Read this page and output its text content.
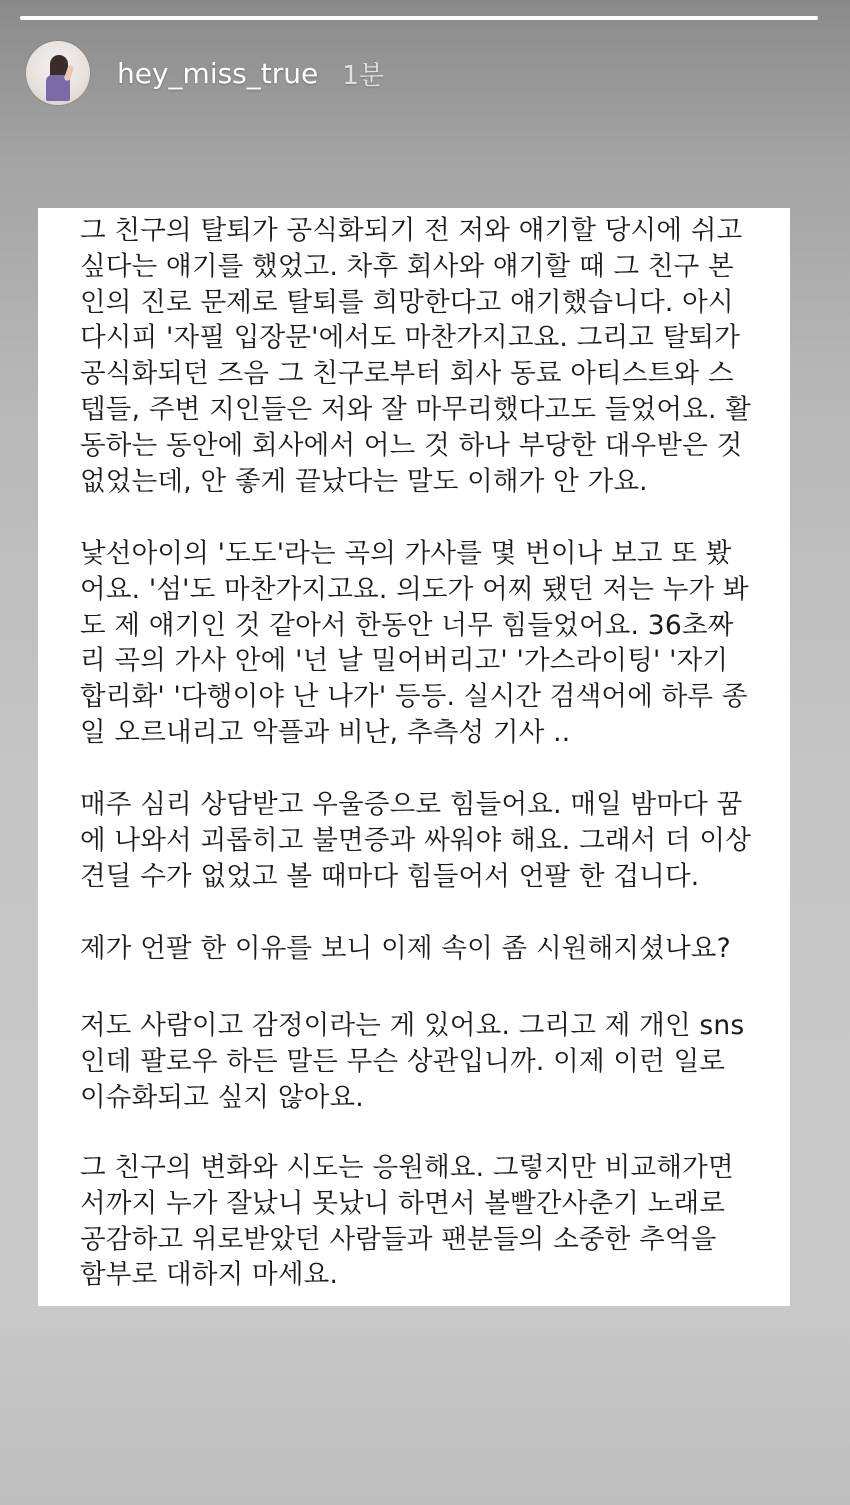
hey_miss_true 1분

그 친구의 탈퇴가 공식화되기 전 저와 얘기할 당시에 쉬고
싶다는 얘기를 했었고. 차후 회사와 얘기할 때 그 친구 본
인의 진로 문제로 탈퇴를 희망한다고 얘기했습니다. 아시
다시피 '자필 입장문'에서도 마찬가지고요. 그리고 탈퇴가
공식화되던 즈음 그 친구로부터 회사 동료 아티스트와 스
텝들, 주변 지인들은 저와 잘 마무리했다고도 들었어요. 활
동하는 동안에 회사에서 어느 것 하나 부당한 대우받은 것
없었는데, 안 좋게 끝났다는 말도 이해가 안 가요.

낯선아이의 '도도'라는 곡의 가사를 몇 번이나 보고 또 봤
어요. '섬'도 마찬가지고요. 의도가 어찌 됐던 저는 누가 봐
도 제 얘기인 것 같아서 한동안 너무 힘들었어요. 36초짜
리 곡의 가사 안에 '넌 날 밀어버리고' '가스라이팅' '자기
합리화' '다행이야 난 나가' 등등. 실시간 검색어에 하루 종
일 오르내리고 악플과 비난, 추측성 기사 ..

매주 심리 상담받고 우울증으로 힘들어요. 매일 밤마다 꿈
에 나와서 괴롭히고 불면증과 싸워야 해요. 그래서 더 이상
견딜 수가 없었고 볼 때마다 힘들어서 언팔 한 겁니다.

제가 언팔 한 이유를 보니 이제 속이 좀 시원해지셨나요?

저도 사람이고 감정이라는 게 있어요. 그리고 제 개인 sns
인데 팔로우 하든 말든 무슨 상관입니까. 이제 이런 일로
이슈화되고 싶지 않아요.

그 친구의 변화와 시도는 응원해요. 그렇지만 비교해가면
서까지 누가 잘났니 못났니 하면서 볼빨간사춘기 노래로
공감하고 위로받았던 사람들과 팬분들의 소중한 추억을
함부로 대하지 마세요.
